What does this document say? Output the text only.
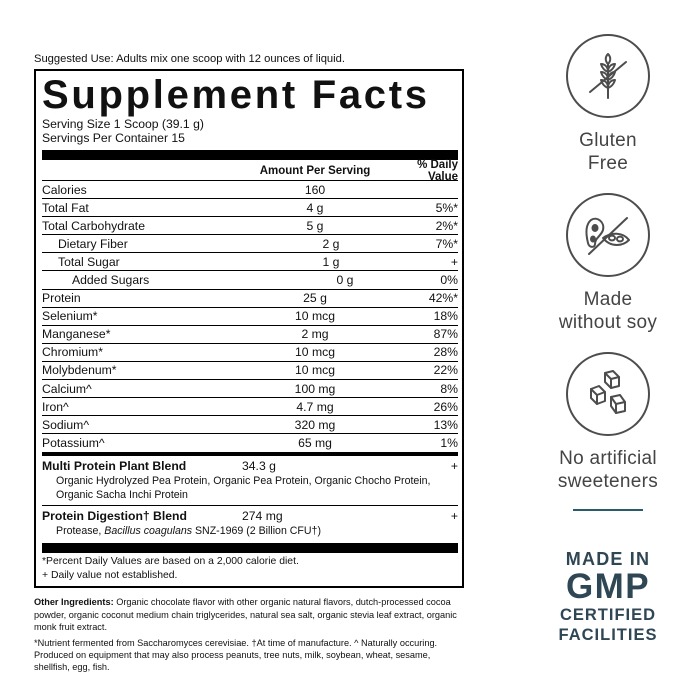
Suggested Use: Adults mix one scoop with 12 ounces of liquid.
Supplement Facts
Serving Size 1 Scoop (39.1 g)
Servings Per Container 15
Amount Per Serving	% Daily Value
Calories	160
Total Fat	4 g	5%*
Total Carbohydrate	5 g	2%*
Dietary Fiber	2 g	7%*
Total Sugar	1 g	+
Added Sugars	0 g	0%
Protein	25 g	42%*
Selenium*	10 mcg	18%
Manganese*	2 mg	87%
Chromium*	10 mcg	28%
Molybdenum*	10 mcg	22%
Calcium^	100 mg	8%
Iron^	4.7 mg	26%
Sodium^	320 mg	13%
Potassium^	65 mg	1%
Multi Protein Plant Blend	34.3 g	+
Organic Hydrolyzed Pea Protein, Organic Pea Protein, Organic Chocho Protein, Organic Sacha Inchi Protein
Protein Digestion† Blend	274 mg	+
Protease, Bacillus coagulans SNZ-1969 (2 Billion CFU†)
*Percent Daily Values are based on a 2,000 calorie diet.
+ Daily value not established.

Other Ingredients: Organic chocolate flavor with other organic natural flavors, dutch-processed cocoa powder, organic coconut medium chain triglycerides, natural sea salt, organic stevia leaf extract, organic monk fruit extract.

*Nutrient fermented from Saccharomyces cerevisiae. †At time of manufacture. ^ Naturally occuring. Produced on equipment that may also process peanuts, tree nuts, milk, soybean, wheat, sesame, shellfish, egg, fish.

Gluten
Free
Made
without soy
No artificial
sweeteners
MADE IN
GMP
CERTIFIED
FACILITIES
